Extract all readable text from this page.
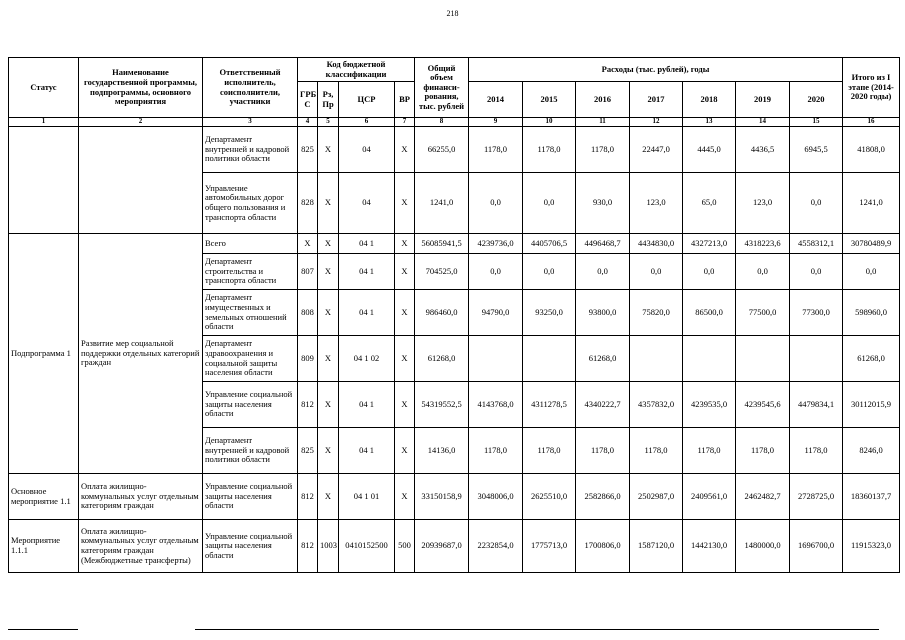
218
Статус	Наименование государственной программы, подпрограммы, основного мероприятия	Ответственный исполнитель, соисполнители, участники	Код бюджетной классификации				Общий объем финанси-рования, тыс. рублей	Расходы (тыс. рублей), годы							Итого из I этапе (2014-2020 годы)
			ГРБ С	Рз, Пр	ЦСР	ВР		2014	2015	2016	2017	2018	2019	2020	
1	2	3	4	5	6	7	8	9	10	11	12	13	14	15	16
		Департамент внутренней и кадровой политики области	825	X	04	X	66255,0	1178,0	1178,0	1178,0	22447,0	4445,0	4436,5	6945,5	41808,0
		Управление автомобильных дорог общего пользования и транспорта области	828	X	04	X	1241,0	0,0	0,0	930,0	123,0	65,0	123,0	0,0	1241,0
Подпрограмма 1	Развитие мер социальной поддержки отдельных категорий граждан	Всего	X	X	04 1	X	56085941,5	4239736,0	4405706,5	4496468,7	4434830,0	4327213,0	4318223,6	4558312,1	30780489,9
		Департамент строительства и транспорта области	807	X	04 1	X	704525,0	0,0	0,0	0,0	0,0	0,0	0,0	0,0	0,0
		Департамент имущественных и земельных отношений области	808	X	04 1	X	986460,0	94790,0	93250,0	93800,0	75820,0	86500,0	77500,0	77300,0	598960,0
		Департамент здравоохранения и социальной защиты населения области	809	X	04 1 02	X	61268,0			61268,0					61268,0
		Управление социальной защиты населения области	812	X	04 1	X	54319552,5	4143768,0	4311278,5	4340222,7	4357832,0	4239535,0	4239545,6	4479834,1	30112015,9
		Департамент внутренней и кадровой политики области	825	X	04 1	X	14136,0	1178,0	1178,0	1178,0	1178,0	1178,0	1178,0	1178,0	8246,0
Основное мероприятие 1.1	Оплата жилищно-коммунальных услуг отдельным категориям граждан	Управление социальной защиты населения области	812	X	04 1 01	X	33150158,9	3048006,0	2625510,0	2582866,0	2502987,0	2409561,0	2462482,7	2728725,0	18360137,7
Мероприятие 1.1.1	Оплата жилищно-коммунальных услуг отдельным категориям граждан (Межбюджетные трансферты)	Управление социальной защиты населения области	812	1003	0410152500	500	20939687,0	2232854,0	1775713,0	1700806,0	1587120,0	1442130,0	1480000,0	1696700,0	11915323,0
